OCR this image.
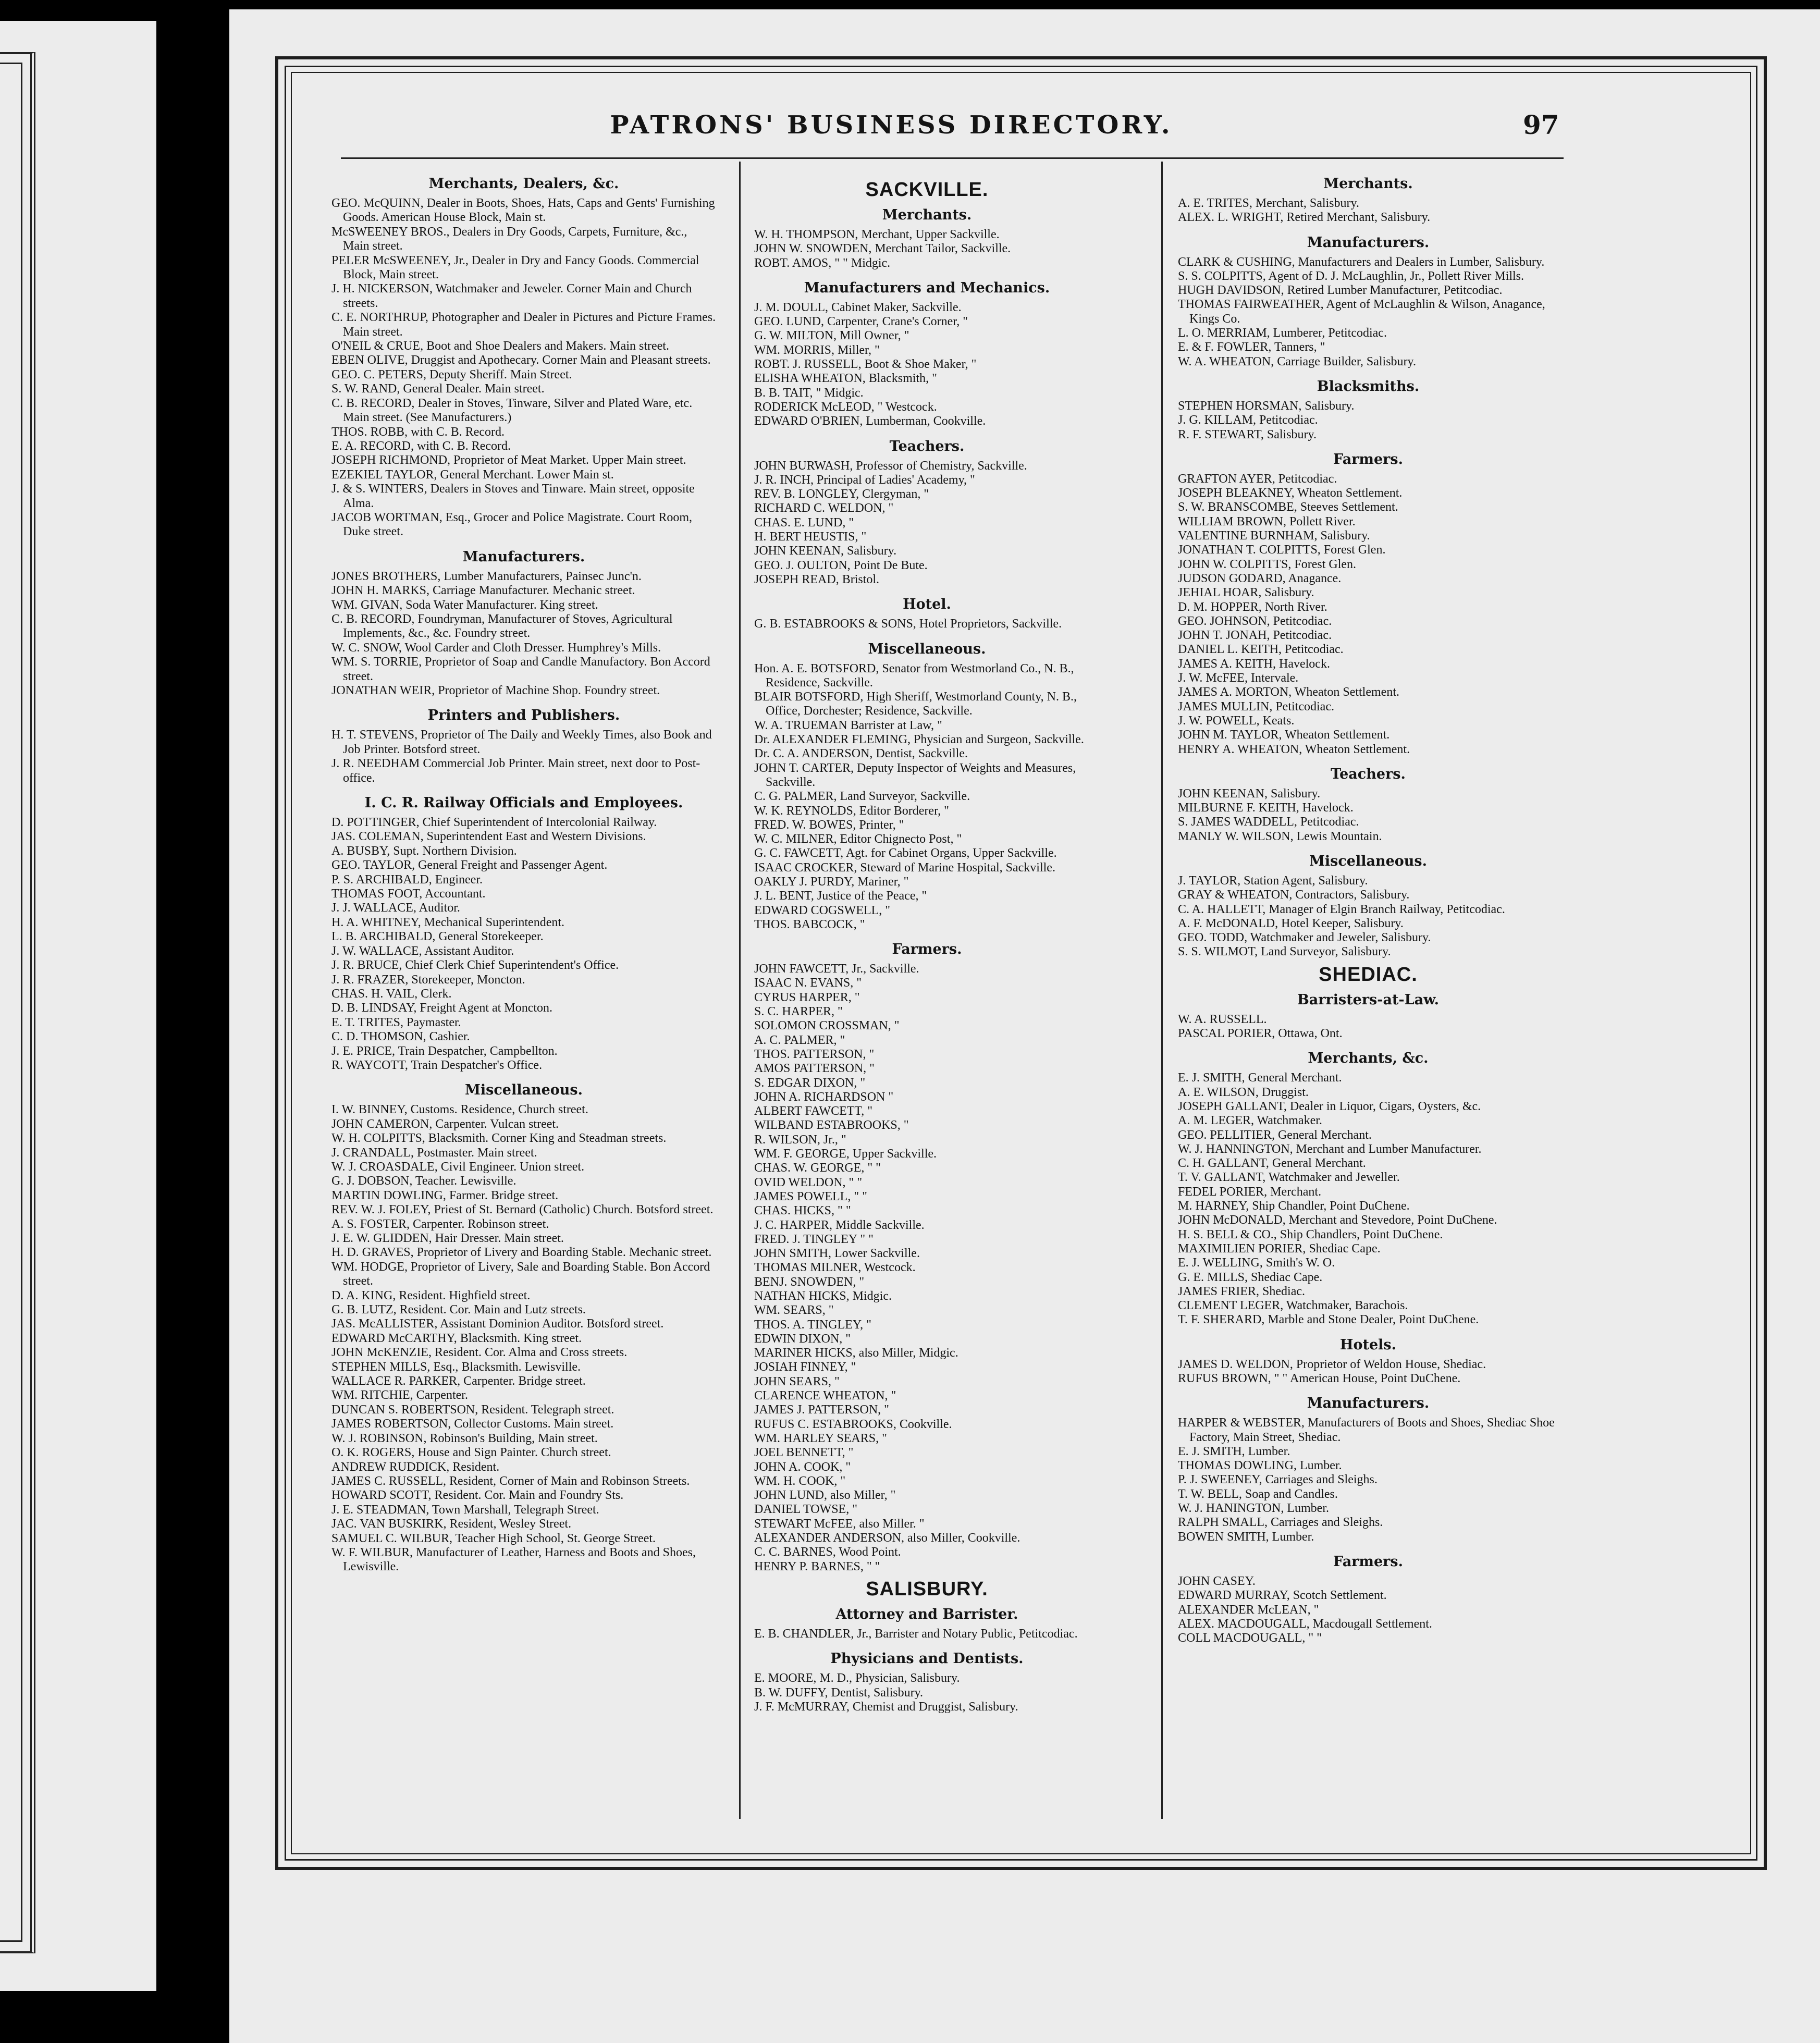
PATRONS' BUSINESS DIRECTORY.	97
Merchants, Dealers, &c.
GEO. McQUINN, Dealer in Boots, Shoes, Hats, Caps and Gents' Furnishing Goods. American House Block, Main st.
McSWEENEY BROS., Dealers in Dry Goods, Carpets, Furniture, &c., Main street.
PELER McSWEENEY, Jr., Dealer in Dry and Fancy Goods. Commercial Block, Main street.
J. H. NICKERSON, Watchmaker and Jeweler. Corner Main and Church streets.
C. E. NORTHRUP, Photographer and Dealer in Pictures and Picture Frames. Main street.
O'NEIL & CRUE, Boot and Shoe Dealers and Makers. Main street.
EBEN OLIVE, Druggist and Apothecary. Corner Main and Pleasant streets.
GEO. C. PETERS, Deputy Sheriff. Main Street.
S. W. RAND, General Dealer. Main street.
C. B. RECORD, Dealer in Stoves, Tinware, Silver and Plated Ware, etc. Main street. (See Manufacturers.)
THOS. ROBB, with C. B. Record.
E. A. RECORD, with C. B. Record.
JOSEPH RICHMOND, Proprietor of Meat Market. Upper Main street.
EZEKIEL TAYLOR, General Merchant. Lower Main st.
J. & S. WINTERS, Dealers in Stoves and Tinware. Main street, opposite Alma.
JACOB WORTMAN, Esq., Grocer and Police Magistrate. Court Room, Duke street.
Manufacturers.
JONES BROTHERS, Lumber Manufacturers, Painsec Junc'n.
JOHN H. MARKS, Carriage Manufacturer. Mechanic street.
WM. GIVAN, Soda Water Manufacturer. King street.
C. B. RECORD, Foundryman, Manufacturer of Stoves, Agricultural Implements, &c., &c. Foundry street.
W. C. SNOW, Wool Carder and Cloth Dresser. Humphrey's Mills.
WM. S. TORRIE, Proprietor of Soap and Candle Manufactory. Bon Accord street.
JONATHAN WEIR, Proprietor of Machine Shop. Foundry street.
Printers and Publishers.
H. T. STEVENS, Proprietor of The Daily and Weekly Times, also Book and Job Printer. Botsford street.
J. R. NEEDHAM Commercial Job Printer. Main street, next door to Post-office.
I. C. R. Railway Officials and Employees.
D. POTTINGER, Chief Superintendent of Intercolonial Railway.
JAS. COLEMAN, Superintendent East and Western Divisions.
A. BUSBY, Supt. Northern Division.
GEO. TAYLOR, General Freight and Passenger Agent.
P. S. ARCHIBALD, Engineer.
THOMAS FOOT, Accountant.
J. J. WALLACE, Auditor.
H. A. WHITNEY, Mechanical Superintendent.
L. B. ARCHIBALD, General Storekeeper.
J. W. WALLACE, Assistant Auditor.
J. R. BRUCE, Chief Clerk Chief Superintendent's Office.
J. R. FRAZER, Storekeeper, Moncton.
CHAS. H. VAIL, Clerk.
D. B. LINDSAY, Freight Agent at Moncton.
E. T. TRITES, Paymaster.
C. D. THOMSON, Cashier.
J. E. PRICE, Train Despatcher, Campbellton.
R. WAYCOTT, Train Despatcher's Office.
Miscellaneous.
I. W. BINNEY, Customs. Residence, Church street.
JOHN CAMERON, Carpenter. Vulcan street.
W. H. COLPITTS, Blacksmith. Corner King and Steadman streets.
J. CRANDALL, Postmaster. Main street.
W. J. CROASDALE, Civil Engineer. Union street.
G. J. DOBSON, Teacher. Lewisville.
MARTIN DOWLING, Farmer. Bridge street.
REV. W. J. FOLEY, Priest of St. Bernard (Catholic) Church. Botsford street.
A. S. FOSTER, Carpenter. Robinson street.
J. E. W. GLIDDEN, Hair Dresser. Main street.
H. D. GRAVES, Proprietor of Livery and Boarding Stable. Mechanic street.
WM. HODGE, Proprietor of Livery, Sale and Boarding Stable. Bon Accord street.
D. A. KING, Resident. Highfield street.
G. B. LUTZ, Resident. Cor. Main and Lutz streets.
JAS. McALLISTER, Assistant Dominion Auditor. Botsford street.
EDWARD McCARTHY, Blacksmith. King street.
JOHN McKENZIE, Resident. Cor. Alma and Cross streets.
STEPHEN MILLS, Esq., Blacksmith. Lewisville.
WALLACE R. PARKER, Carpenter. Bridge street.
WM. RITCHIE, Carpenter.
DUNCAN S. ROBERTSON, Resident. Telegraph street.
JAMES ROBERTSON, Collector Customs. Main street.
W. J. ROBINSON, Robinson's Building, Main street.
O. K. ROGERS, House and Sign Painter. Church street.
ANDREW RUDDICK, Resident.
JAMES C. RUSSELL, Resident, Corner of Main and Robinson Streets.
HOWARD SCOTT, Resident. Cor. Main and Foundry Sts.
J. E. STEADMAN, Town Marshall, Telegraph Street.
JAC. VAN BUSKIRK, Resident, Wesley Street.
SAMUEL C. WILBUR, Teacher High School, St. George Street.
W. F. WILBUR, Manufacturer of Leather, Harness and Boots and Shoes, Lewisville.
SACKVILLE.
Merchants.
W. H. THOMPSON, Merchant, Upper Sackville.
JOHN W. SNOWDEN, Merchant Tailor, Sackville.
ROBT. AMOS, " " Midgic.
Manufacturers and Mechanics.
J. M. DOULL, Cabinet Maker, Sackville.
GEO. LUND, Carpenter, Crane's Corner, "
G. W. MILTON, Mill Owner, "
WM. MORRIS, Miller, "
ROBT. J. RUSSELL, Boot & Shoe Maker, "
ELISHA WHEATON, Blacksmith, "
B. B. TAIT, " Midgic.
RODERICK McLEOD, " Westcock.
EDWARD O'BRIEN, Lumberman, Cookville.
Teachers.
JOHN BURWASH, Professor of Chemistry, Sackville.
J. R. INCH, Principal of Ladies' Academy, "
REV. B. LONGLEY, Clergyman, "
RICHARD C. WELDON, "
CHAS. E. LUND, "
H. BERT HEUSTIS, "
JOHN KEENAN, Salisbury.
GEO. J. OULTON, Point De Bute.
JOSEPH READ, Bristol.
Hotel.
G. B. ESTABROOKS & SONS, Hotel Proprietors, Sackville.
Miscellaneous.
Hon. A. E. BOTSFORD, Senator from Westmorland Co., N. B., Residence, Sackville.
BLAIR BOTSFORD, High Sheriff, Westmorland County, N. B., Office, Dorchester; Residence, Sackville.
W. A. TRUEMAN Barrister at Law, "
Dr. ALEXANDER FLEMING, Physician and Surgeon, Sackville.
Dr. C. A. ANDERSON, Dentist, Sackville.
JOHN T. CARTER, Deputy Inspector of Weights and Measures, Sackville.
C. G. PALMER, Land Surveyor, Sackville.
W. K. REYNOLDS, Editor Borderer, "
FRED. W. BOWES, Printer, "
W. C. MILNER, Editor Chignecto Post, "
G. C. FAWCETT, Agt. for Cabinet Organs, Upper Sackville.
ISAAC CROCKER, Steward of Marine Hospital, Sackville.
OAKLY J. PURDY, Mariner, "
J. L. BENT, Justice of the Peace, "
EDWARD COGSWELL, "
THOS. BABCOCK, "
Farmers.
JOHN FAWCETT, Jr., Sackville.
ISAAC N. EVANS, "
CYRUS HARPER, "
S. C. HARPER, "
SOLOMON CROSSMAN, "
A. C. PALMER, "
THOS. PATTERSON, "
AMOS PATTERSON, "
S. EDGAR DIXON, "
JOHN A. RICHARDSON "
ALBERT FAWCETT, "
WILBAND ESTABROOKS, "
R. WILSON, Jr., "
WM. F. GEORGE, Upper Sackville.
CHAS. W. GEORGE, " "
OVID WELDON, " "
JAMES POWELL, " "
CHAS. HICKS, " "
J. C. HARPER, Middle Sackville.
FRED. J. TINGLEY " "
JOHN SMITH, Lower Sackville.
THOMAS MILNER, Westcock.
BENJ. SNOWDEN, "
NATHAN HICKS, Midgic.
WM. SEARS, "
THOS. A. TINGLEY, "
EDWIN DIXON, "
MARINER HICKS, also Miller, Midgic.
JOSIAH FINNEY, "
JOHN SEARS, "
CLARENCE WHEATON, "
JAMES J. PATTERSON, "
RUFUS C. ESTABROOKS, Cookville.
WM. HARLEY SEARS, "
JOEL BENNETT, "
JOHN A. COOK, "
WM. H. COOK, "
JOHN LUND, also Miller, "
DANIEL TOWSE, "
STEWART McFEE, also Miller. "
ALEXANDER ANDERSON, also Miller, Cookville.
C. C. BARNES, Wood Point.
HENRY P. BARNES, " "
SALISBURY.
Attorney and Barrister.
E. B. CHANDLER, Jr., Barrister and Notary Public, Petitcodiac.
Physicians and Dentists.
E. MOORE, M. D., Physician, Salisbury.
B. W. DUFFY, Dentist, Salisbury.
J. F. McMURRAY, Chemist and Druggist, Salisbury.
Merchants.
A. E. TRITES, Merchant, Salisbury.
ALEX. L. WRIGHT, Retired Merchant, Salisbury.
Manufacturers.
CLARK & CUSHING, Manufacturers and Dealers in Lumber, Salisbury.
S. S. COLPITTS, Agent of D. J. McLaughlin, Jr., Pollett River Mills.
HUGH DAVIDSON, Retired Lumber Manufacturer, Petitcodiac.
THOMAS FAIRWEATHER, Agent of McLaughlin & Wilson, Anagance, Kings Co.
L. O. MERRIAM, Lumberer, Petitcodiac.
E. & F. FOWLER, Tanners, "
W. A. WHEATON, Carriage Builder, Salisbury.
Blacksmiths.
STEPHEN HORSMAN, Salisbury.
J. G. KILLAM, Petitcodiac.
R. F. STEWART, Salisbury.
Farmers.
GRAFTON AYER, Petitcodiac.
JOSEPH BLEAKNEY, Wheaton Settlement.
S. W. BRANSCOMBE, Steeves Settlement.
WILLIAM BROWN, Pollett River.
VALENTINE BURNHAM, Salisbury.
JONATHAN T. COLPITTS, Forest Glen.
JOHN W. COLPITTS, Forest Glen.
JUDSON GODARD, Anagance.
JEHIAL HOAR, Salisbury.
D. M. HOPPER, North River.
GEO. JOHNSON, Petitcodiac.
JOHN T. JONAH, Petitcodiac.
DANIEL L. KEITH, Petitcodiac.
JAMES A. KEITH, Havelock.
J. W. McFEE, Intervale.
JAMES A. MORTON, Wheaton Settlement.
JAMES MULLIN, Petitcodiac.
J. W. POWELL, Keats.
JOHN M. TAYLOR, Wheaton Settlement.
HENRY A. WHEATON, Wheaton Settlement.
Teachers.
JOHN KEENAN, Salisbury.
MILBURNE F. KEITH, Havelock.
S. JAMES WADDELL, Petitcodiac.
MANLY W. WILSON, Lewis Mountain.
Miscellaneous.
J. TAYLOR, Station Agent, Salisbury.
GRAY & WHEATON, Contractors, Salisbury.
C. A. HALLETT, Manager of Elgin Branch Railway, Petitcodiac.
A. F. McDONALD, Hotel Keeper, Salisbury.
GEO. TODD, Watchmaker and Jeweler, Salisbury.
S. S. WILMOT, Land Surveyor, Salisbury.
SHEDIAC.
Barristers-at-Law.
W. A. RUSSELL.
PASCAL PORIER, Ottawa, Ont.
Merchants, &c.
E. J. SMITH, General Merchant.
A. E. WILSON, Druggist.
JOSEPH GALLANT, Dealer in Liquor, Cigars, Oysters, &c.
A. M. LEGER, Watchmaker.
GEO. PELLITIER, General Merchant.
W. J. HANNINGTON, Merchant and Lumber Manufacturer.
C. H. GALLANT, General Merchant.
T. V. GALLANT, Watchmaker and Jeweller.
FEDEL PORIER, Merchant.
M. HARNEY, Ship Chandler, Point DuChene.
JOHN McDONALD, Merchant and Stevedore, Point DuChene.
H. S. BELL & CO., Ship Chandlers, Point DuChene.
MAXIMILIEN PORIER, Shediac Cape.
E. J. WELLING, Smith's W. O.
G. E. MILLS, Shediac Cape.
JAMES FRIER, Shediac.
CLEMENT LEGER, Watchmaker, Barachois.
T. F. SHERARD, Marble and Stone Dealer, Point DuChene.
Hotels.
JAMES D. WELDON, Proprietor of Weldon House, Shediac.
RUFUS BROWN, " " American House, Point DuChene.
Manufacturers.
HARPER & WEBSTER, Manufacturers of Boots and Shoes, Shediac Shoe Factory, Main Street, Shediac.
E. J. SMITH, Lumber.
THOMAS DOWLING, Lumber.
P. J. SWEENEY, Carriages and Sleighs.
T. W. BELL, Soap and Candles.
W. J. HANINGTON, Lumber.
RALPH SMALL, Carriages and Sleighs.
BOWEN SMITH, Lumber.
Farmers.
JOHN CASEY.
EDWARD MURRAY, Scotch Settlement.
ALEXANDER McLEAN, "
ALEX. MACDOUGALL, Macdougall Settlement.
COLL MACDOUGALL, " "
